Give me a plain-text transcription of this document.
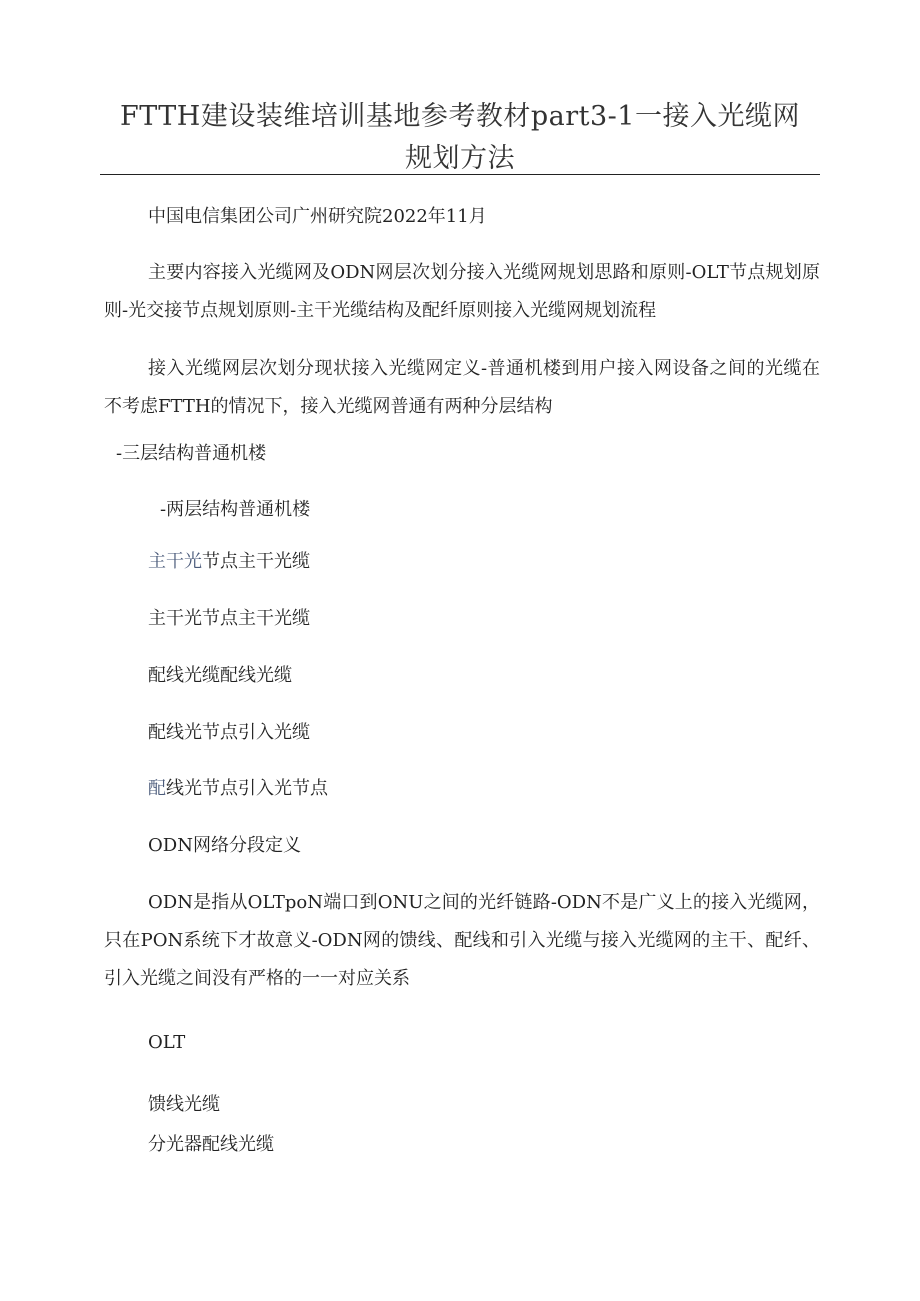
FTTH建设装维培训基地参考教材part3-1一接入光缆网
规划方法
中国电信集团公司广州研究院2022年11月
主要内容接入光缆网及ODN网层次划分接入光缆网规划思路和原则-OLT节点规划原则-光交接节点规划原则-主干光缆结构及配纤原则接入光缆网规划流程
接入光缆网层次划分现状接入光缆网定义-普通机楼到用户接入网设备之间的光缆在不考虑FTTH的情况下，接入光缆网普通有两种分层结构
-三层结构普通机楼
-两层结构普通机楼
主干光节点主干光缆
主干光节点主干光缆
配线光缆配线光缆
配线光节点引入光缆
配线光节点引入光节点
ODN网络分段定义
ODN是指从OLTpoN端口到ONU之间的光纤链路-ODN不是广义上的接入光缆网，只在PON系统下才故意义-ODN网的馈线、配线和引入光缆与接入光缆网的主干、配纤、引入光缆之间没有严格的一一对应关系
OLT
馈线光缆
分光器配线光缆
